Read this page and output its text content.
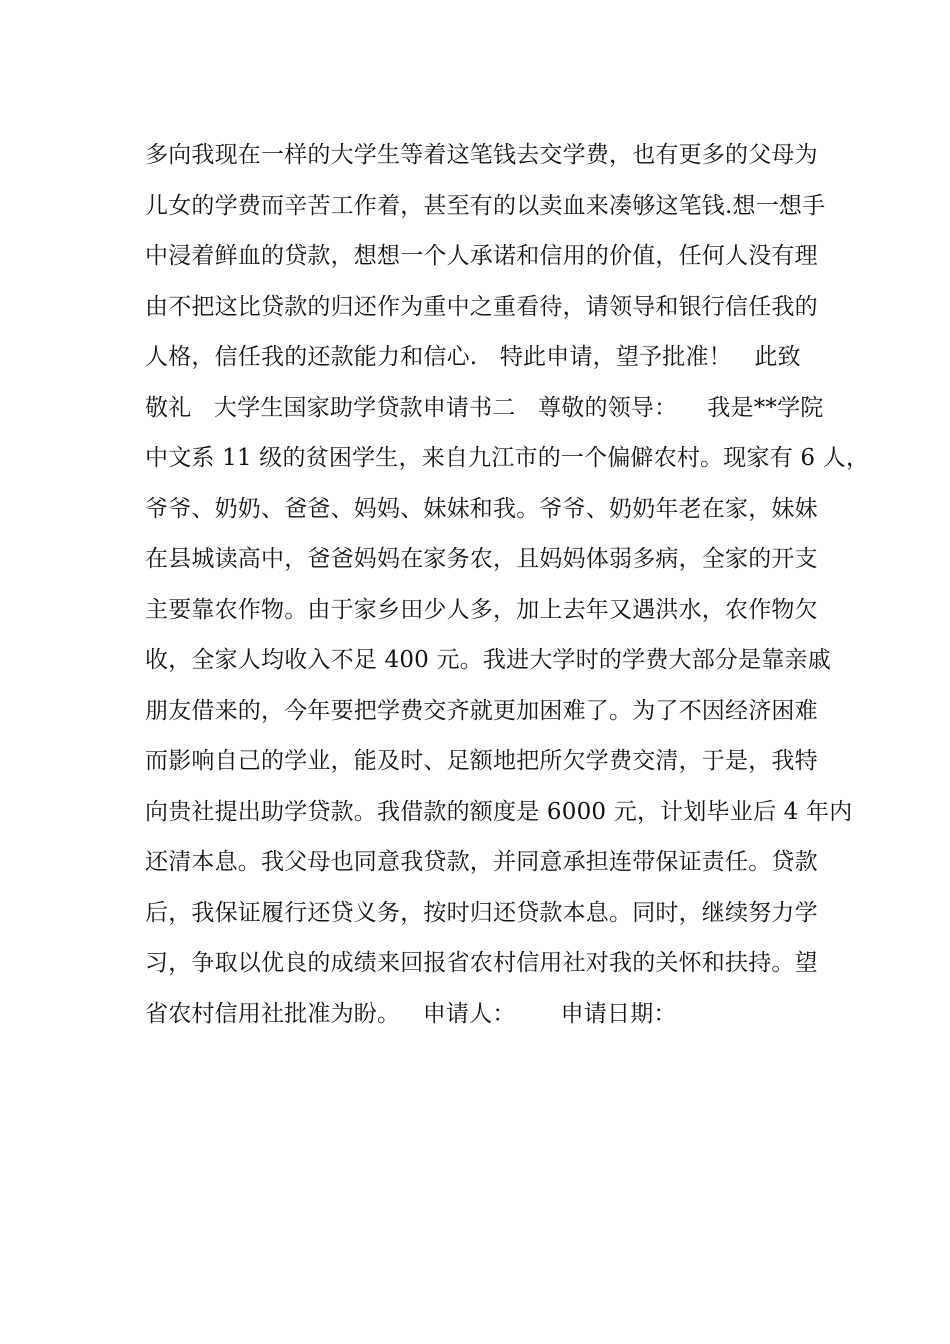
多向我现在一样的大学生等着这笔钱去交学费，也有更多的父母为
儿女的学费而辛苦工作着，甚至有的以卖血来凑够这笔钱.想一想手
中浸着鲜血的贷款，想想一个人承诺和信用的价值，任何人没有理
由不把这比贷款的归还作为重中之重看待，请领导和银行信任我的
人格，信任我的还款能力和信心.   特此申请，望予批准！   此致
敬礼   大学生国家助学贷款申请书二   尊敬的领导：    我是**学院
中文系 11 级的贫困学生，来自九江市的一个偏僻农村。现家有 6 人，
爷爷、奶奶、爸爸、妈妈、妹妹和我。爷爷、奶奶年老在家，妹妹
在县城读高中，爸爸妈妈在家务农，且妈妈体弱多病，全家的开支
主要靠农作物。由于家乡田少人多，加上去年又遇洪水，农作物欠
收，全家人均收入不足 400 元。我进大学时的学费大部分是靠亲戚
朋友借来的，今年要把学费交齐就更加困难了。为了不因经济困难
而影响自己的学业，能及时、足额地把所欠学费交清，于是，我特
向贵社提出助学贷款。我借款的额度是 6000 元，计划毕业后 4 年内
还清本息。我父母也同意我贷款，并同意承担连带保证责任。贷款
后，我保证履行还贷义务，按时归还贷款本息。同时，继续努力学
习，争取以优良的成绩来回报省农村信用社对我的关怀和扶持。望
省农村信用社批准为盼。   申请人：      申请日期：
